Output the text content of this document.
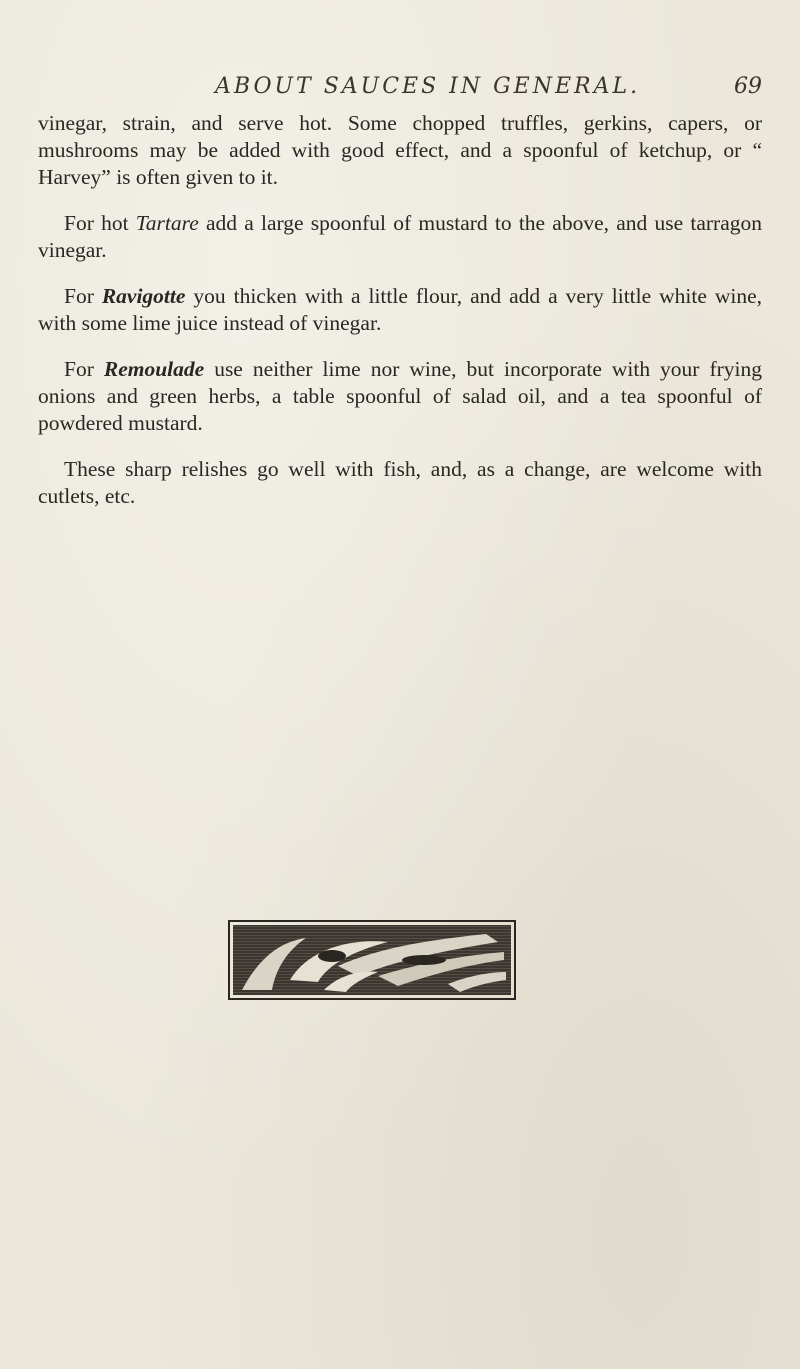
ABOUT SAUCES IN GENERAL.	69

vinegar, strain, and serve hot. Some chopped truffles, gerkins, capers, or mushrooms may be added with good effect, and a spoonful of ketchup, or “ Harvey” is often given to it.

For hot Tartare add a large spoonful of mustard to the above, and use tarragon vinegar.

For Ravigotte you thicken with a little flour, and add a very little white wine, with some lime juice instead of vinegar.

For Remoulade use neither lime nor wine, but incorporate with your frying onions and green herbs, a table spoonful of salad oil, and a tea spoonful of powdered mustard.

These sharp relishes go well with fish, and, as a change, are welcome with cutlets, etc.
